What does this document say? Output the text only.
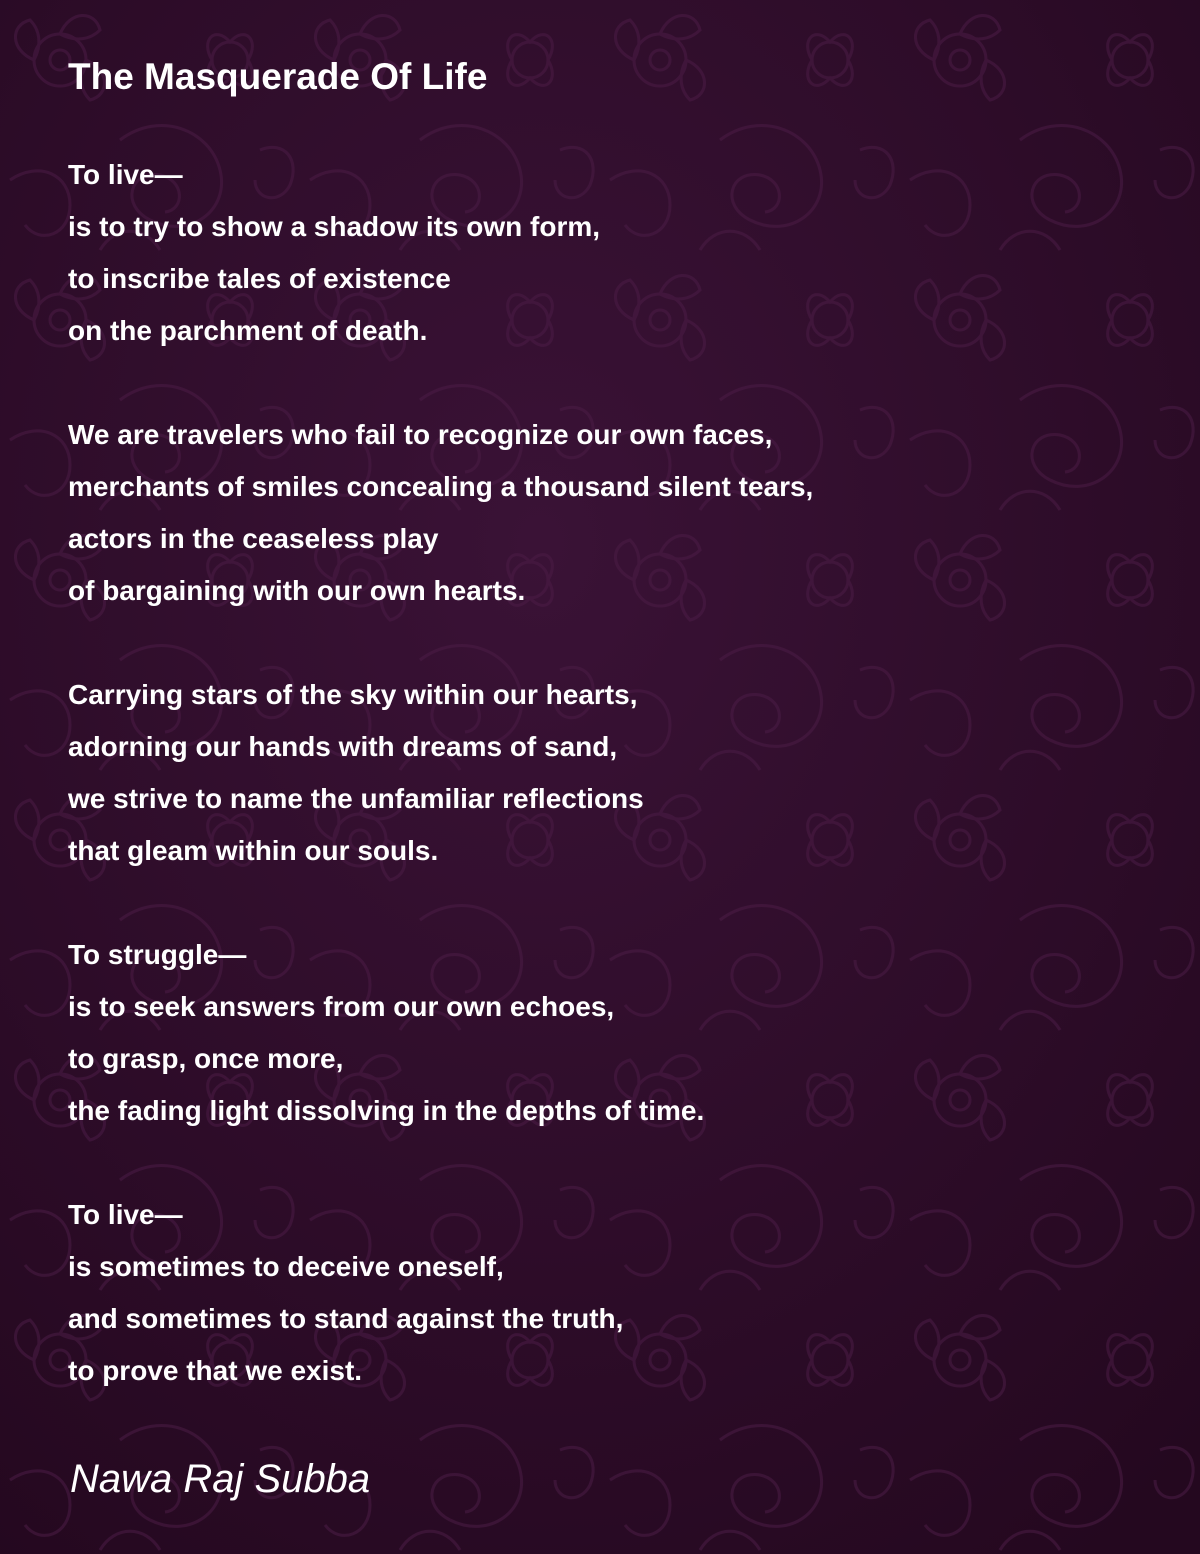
The Masquerade Of Life
To live—
is to try to show a shadow its own form,
to inscribe tales of existence
on the parchment of death.
We are travelers who fail to recognize our own faces,
merchants of smiles concealing a thousand silent tears,
actors in the ceaseless play
of bargaining with our own hearts.
Carrying stars of the sky within our hearts,
adorning our hands with dreams of sand,
we strive to name the unfamiliar reflections
that gleam within our souls.
To struggle—
is to seek answers from our own echoes,
to grasp, once more,
the fading light dissolving in the depths of time.
To live—
is sometimes to deceive oneself,
and sometimes to stand against the truth,
to prove that we exist.

Nawa Raj Subba
